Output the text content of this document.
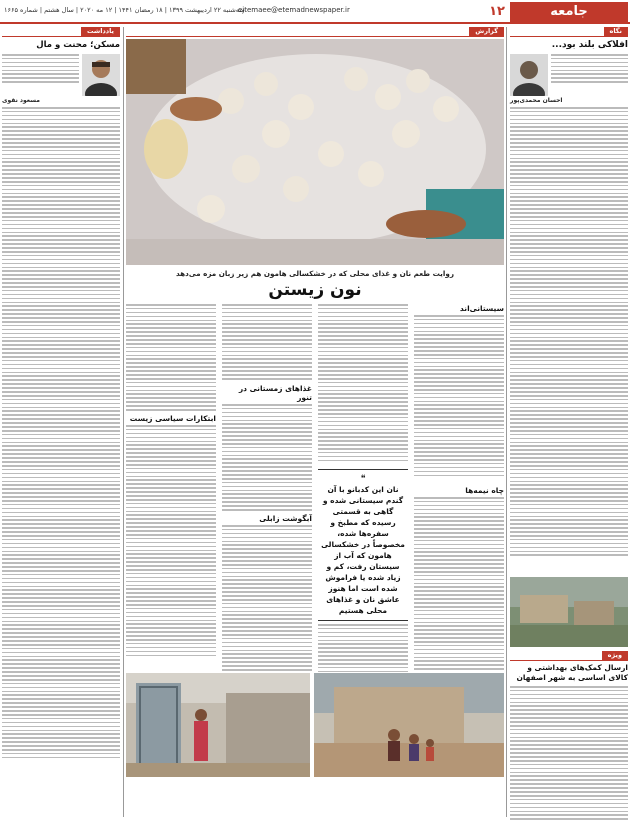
جامعه
۱۲
ejtemaee@etemadnewspaper.ir
سه‌شنبه ۲۲ اردیبهشت ۱۳۹۹ | ۱۸ رمضان ۱۴۴۱ | ۱۲ مه ۲۰۲۰ | سال هشتم | شماره ۱۶۶۵
نگاه
افلاکی بلند بود...
احسان محمدی‌پور
ویژه
ارسال کمک‌های بهداشتی و کالای اساسی به شهر اصفهان
گزارش
روایت طعم نان و غذای محلی که در خشکسالی هامون هم زیر زبان مزه می‌دهد
نون زیستن
سیستانی‌اند
چاه نیمه‌ها
❝
نان این کدبانو با آن گندم سیستانی شده و گاهی به قسمتی رسیده که مطبخ و سفره‌ها شده، مخصوصاً در خشکسالی هامون که آب از سیستان رفت، کم و زیاد شده یا فراموش شده است اما هنوز عاشق نان و غذاهای محلی هستیم
غذاهای زمستانی در تنور
آبگوشت زابلی
ابتکارات سیاسی زیست
یادداشت
مسکن؛ محنت و مال
مسعود نقوی
